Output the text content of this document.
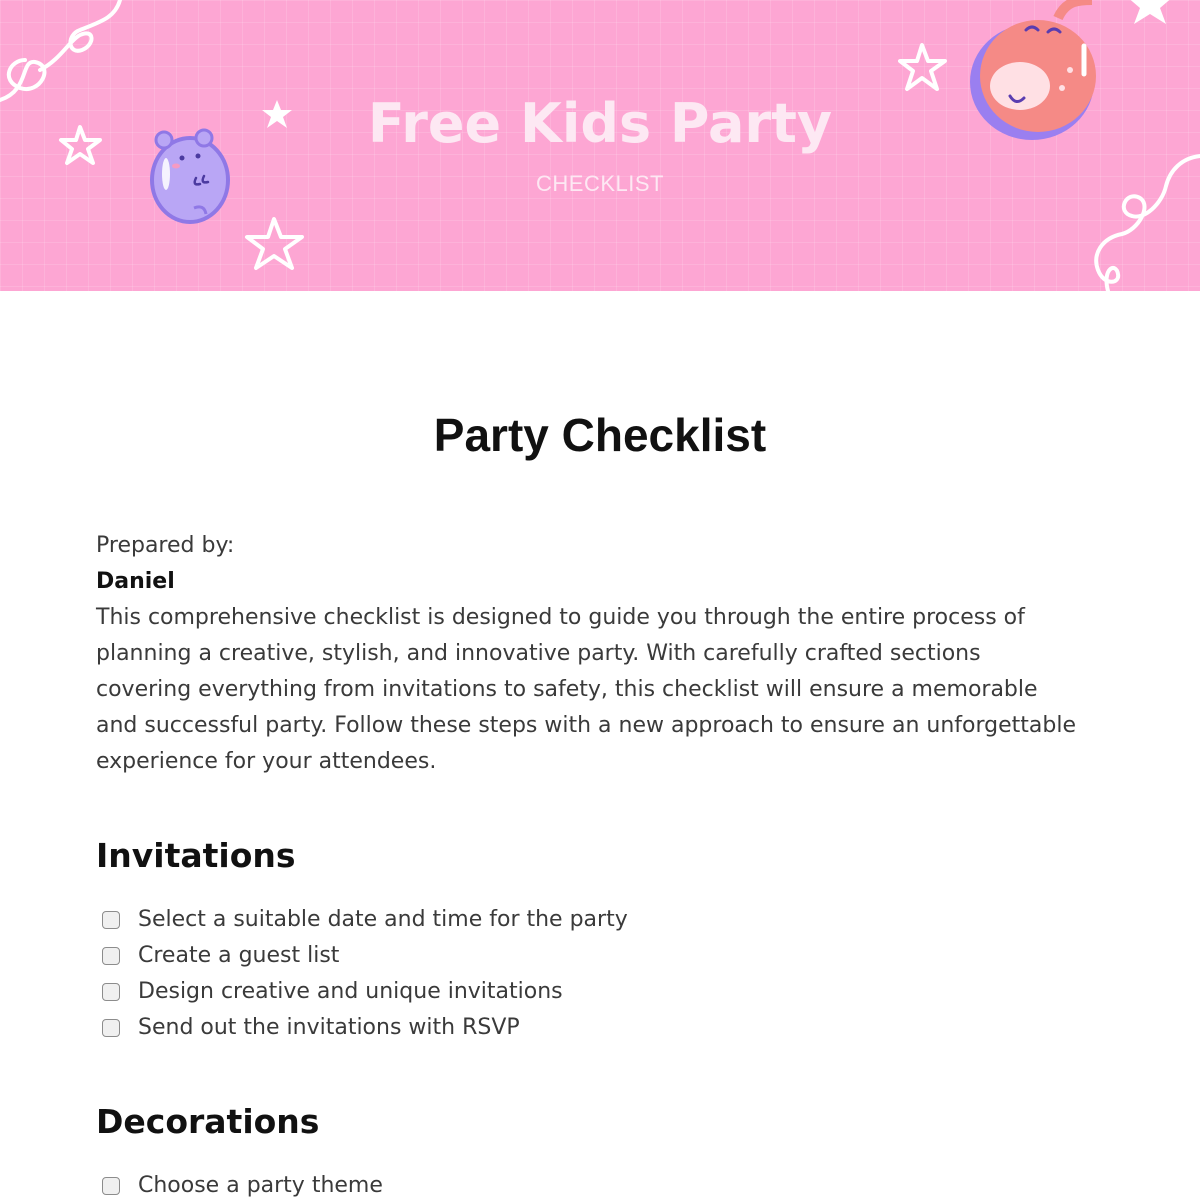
Free Kids Party
CHECKLIST
Party Checklist
Prepared by:
Daniel

This comprehensive checklist is designed to guide you through the entire process of planning a creative, stylish, and innovative party. With carefully crafted sections covering everything from invitations to safety, this checklist will ensure a memorable and successful party. Follow these steps with a new approach to ensure an unforgettable experience for your attendees.

Invitations
Select a suitable date and time for the party
Create a guest list
Design creative and unique invitations
Send out the invitations with RSVP
Decorations
Choose a party theme
